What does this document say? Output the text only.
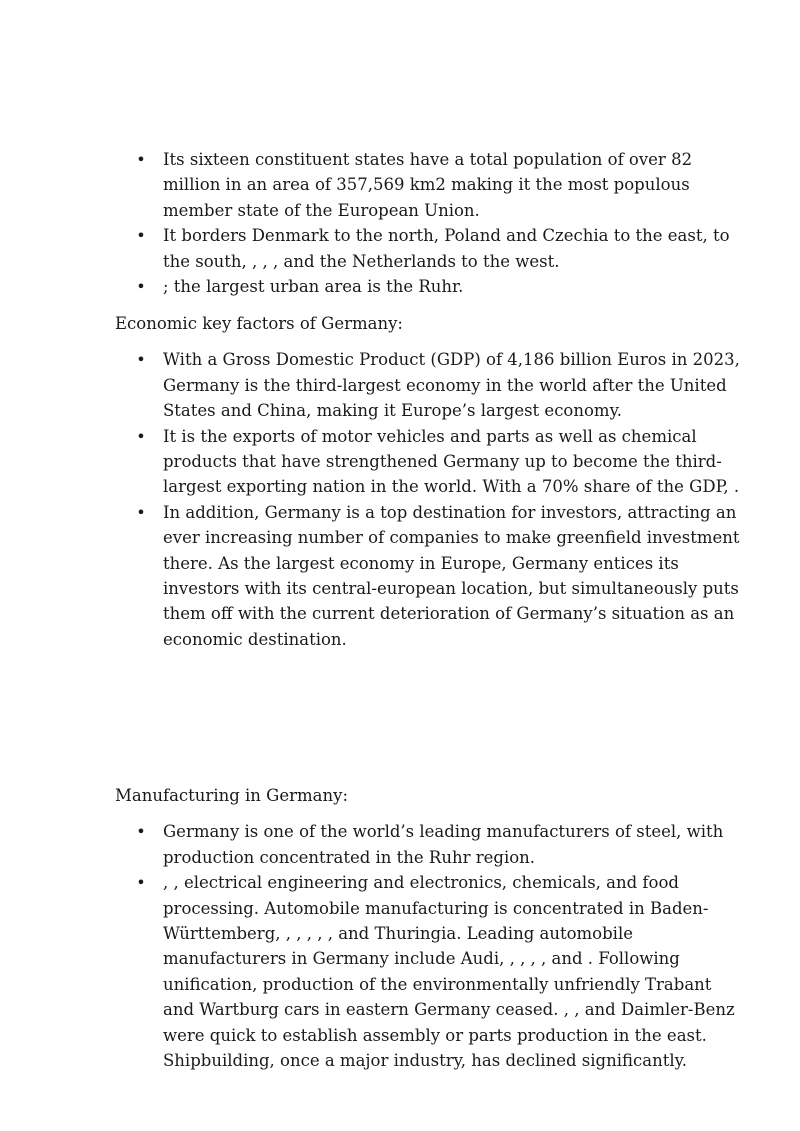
• Its sixteen constituent states have a total population of over 82 million in an area of 357,569 km2 making it the most populous member state of the European Union.
• It borders Denmark to the north, Poland and Czechia to the east, to the south, , , , and the Netherlands to the west.
• ; the largest urban area is the Ruhr.

Economic key factors of Germany:

• With a Gross Domestic Product (GDP) of 4,186 billion Euros in 2023, Germany is the third-largest economy in the world after the United States and China, making it Europe’s largest economy.
• It is the exports of motor vehicles and parts as well as chemical products that have strengthened Germany up to become the third-largest exporting nation in the world. With a 70% share of the GDP, .
• In addition, Germany is a top destination for investors, attracting an ever increasing number of companies to make greenfield investment there. As the largest economy in Europe, Germany entices its investors with its central-european location, but simultaneously puts them off with the current deterioration of Germany’s situation as an economic destination.

Manufacturing in Germany:

• Germany is one of the world’s leading manufacturers of steel, with production concentrated in the Ruhr region.
• , , electrical engineering and electronics, chemicals, and food processing. Automobile manufacturing is concentrated in Baden-Württemberg, , , , , , and Thuringia. Leading automobile manufacturers in Germany include Audi, , , , , and . Following unification, production of the environmentally unfriendly Trabant and Wartburg cars in eastern Germany ceased. , , and Daimler-Benz were quick to establish assembly or parts production in the east. Shipbuilding, once a major industry, has declined significantly.
